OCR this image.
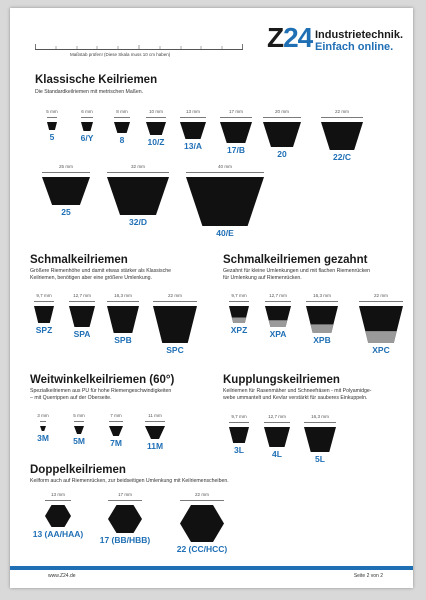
Z24 Industrietechnik.
Einfach online.
Maßstab prüfen! (Diese Skala muss 10 cm haben)
Klassische Keilriemen
Die Standardkeilriemen mit metrischen Maßen.
5 mm
5
6 mm
6/Y
8 mm
8
10 mm
10/Z
13 mm
13/A
17 mm
17/B
20 mm
20
22 mm
22/C
25 mm
25
32 mm
32/D
40 mm
40/E
Schmalkeilriemen
Größere Riemenhöhe und damit etwas stärker als Klassische
Keilriemen, benötigen aber eine größere Umlenkung.
9,7 mm
SPZ
12,7 mm
SPA
16,3 mm
SPB
22 mm
SPC
Schmalkeilriemen gezahnt
Gezahnt für kleine Umlenkungen und mit flachen Riemenrücken
für Umlenkung auf Riemenrücken.
9,7 mm
XPZ
12,7 mm
XPA
16,3 mm
XPB
22 mm
XPC
Weitwinkelkeilriemen (60°)
Spezialkeilriemen aus PU für hohe Riemengeschwindigkeiten
– mit Querrippen auf der Oberseite.
3 mm
3M
5 mm
5M
7 mm
7M
11 mm
11M
Kupplungskeilriemen
Keilriemen für Rasenmäher und Schneefräsen - mit Polyamidge-
webe ummantelt und Kevlar verstärkt für sauberes Einkuppeln.
9,7 mm
3L
12,7 mm
4L
16,3 mm
5L
Doppelkeilriemen
Keilform auch auf Riemenrücken, zur beidseitigen Umlenkung mit Keilriemenscheiben.
13 mm
13 (AA/HAA)
17 mm
17 (BB/HBB)
22 mm
22 (CC/HCC)
www.Z24.de	Seite 2 von 2
